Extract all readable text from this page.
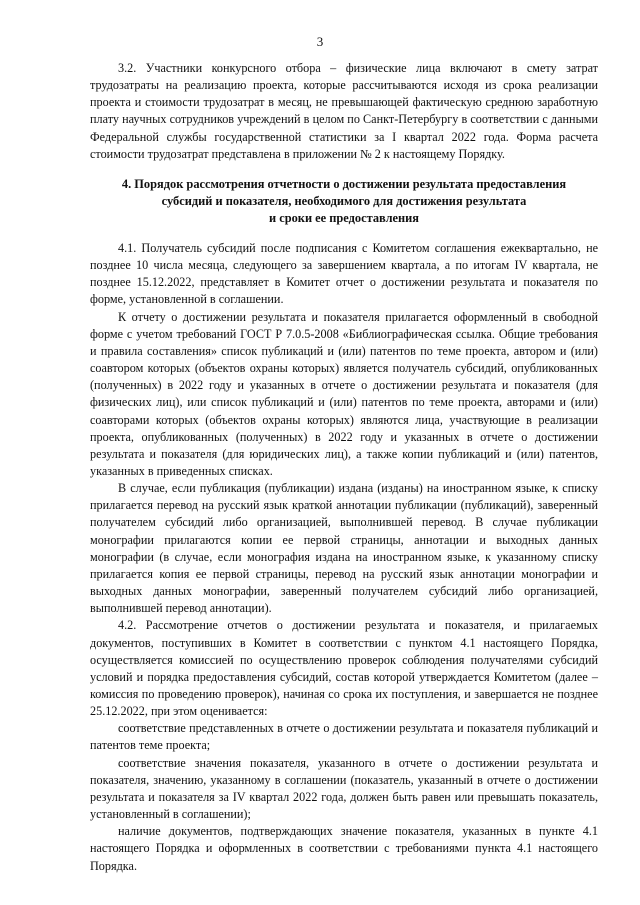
3

3.2. Участники конкурсного отбора – физические лица включают в смету затрат трудозатраты на реализацию проекта, которые рассчитываются исходя из срока реализации проекта и стоимости трудозатрат в месяц, не превышающей фактическую среднюю заработную плату научных сотрудников учреждений в целом по Санкт-Петербургу в соответствии с данными Федеральной службы государственной статистики за I квартал 2022 года. Форма расчета стоимости трудозатрат представлена в приложении № 2 к настоящему Порядку.

4. Порядок рассмотрения отчетности о достижении результата предоставления
субсидий и показателя, необходимого для достижения результата
и сроки ее предоставления

4.1. Получатель субсидий после подписания с Комитетом соглашения ежеквартально, не позднее 10 числа месяца, следующего за завершением квартала, а по итогам IV квартала, не позднее 15.12.2022, представляет в Комитет отчет о достижении результата и показателя по форме, установленной в соглашении.

К отчету о достижении результата и показателя прилагается оформленный в свободной форме с учетом требований ГОСТ Р 7.0.5-2008 «Библиографическая ссылка. Общие требования и правила составления» список публикаций и (или) патентов по теме проекта, автором и (или) соавтором которых (объектов охраны которых) является получатель субсидий, опубликованных (полученных) в 2022 году и указанных в отчете о достижении результата и показателя (для физических лиц), или список публикаций и (или) патентов по теме проекта, авторами и (или) соавторами которых (объектов охраны которых) являются лица, участвующие в реализации проекта, опубликованных (полученных) в 2022 году и указанных в отчете о достижении результата и показателя (для юридических лиц), а также копии публикаций и (или) патентов, указанных в приведенных списках.

В случае, если публикация (публикации) издана (изданы) на иностранном языке, к списку прилагается перевод на русский язык краткой аннотации публикации (публикаций), заверенный получателем субсидий либо организацией, выполнившей перевод. В случае публикации монографии прилагаются копии ее первой страницы, аннотации и выходных данных монографии (в случае, если монография издана на иностранном языке, к указанному списку прилагается копия ее первой страницы, перевод на русский язык аннотации монографии и выходных данных монографии, заверенный получателем субсидий либо организацией, выполнившей перевод аннотации).

4.2. Рассмотрение отчетов о достижении результата и показателя, и прилагаемых документов, поступивших в Комитет в соответствии с пунктом 4.1 настоящего Порядка, осуществляется комиссией по осуществлению проверок соблюдения получателями субсидий условий и порядка предоставления субсидий, состав которой утверждается Комитетом (далее – комиссия по проведению проверок), начиная со срока их поступления, и завершается не позднее 25.12.2022, при этом оценивается:

соответствие представленных в отчете о достижении результата и показателя публикаций и патентов теме проекта;

соответствие значения показателя, указанного в отчете о достижении результата и показателя, значению, указанному в соглашении (показатель, указанный в отчете о достижении результата и показателя за IV квартал 2022 года, должен быть равен или превышать показатель, установленный в соглашении);

наличие документов, подтверждающих значение показателя, указанных в пункте 4.1 настоящего Порядка и оформленных в соответствии с требованиями пункта 4.1 настоящего Порядка.
